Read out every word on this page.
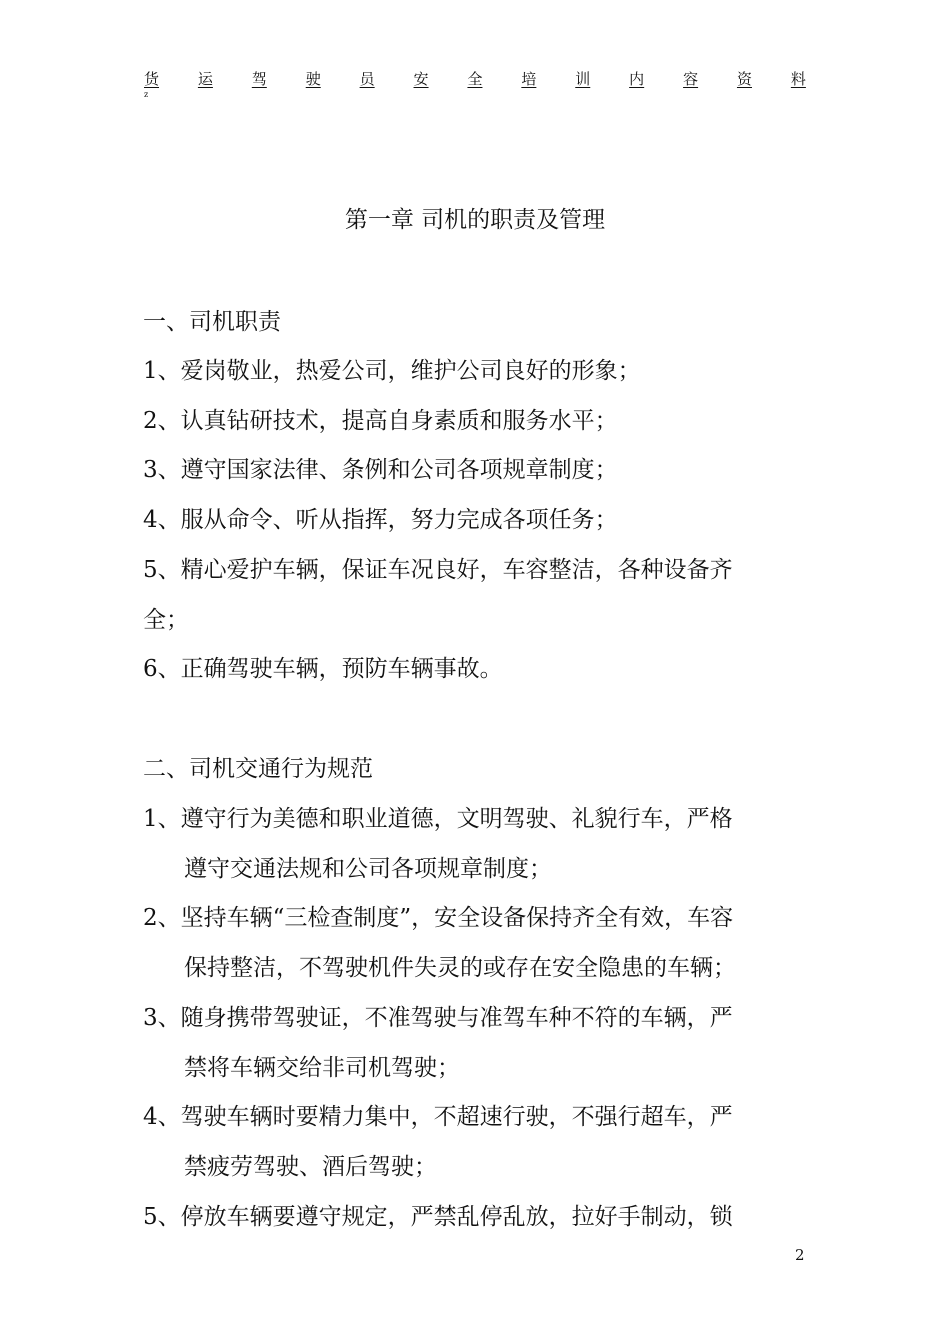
货	运	驾	驶	员	安	全	培	训	内	容	资	料
z
第一章 司机的职责及管理
一、司机职责
1、爱岗敬业，热爱公司，维护公司良好的形象；
2、认真钻研技术，提高自身素质和服务水平；
3、遵守国家法律、条例和公司各项规章制度；
4、服从命令、听从指挥，努力完成各项任务；
5、精心爱护车辆，保证车况良好，车容整洁，各种设备齐
全；
6、正确驾驶车辆，预防车辆事故。
二、司机交通行为规范
1、遵守行为美德和职业道德，文明驾驶、礼貌行车，严格
遵守交通法规和公司各项规章制度；
2、坚持车辆“三检查制度”，安全设备保持齐全有效，车容
保持整洁，不驾驶机件失灵的或存在安全隐患的车辆；
3、随身携带驾驶证，不准驾驶与准驾车种不符的车辆，严
禁将车辆交给非司机驾驶；
4、驾驶车辆时要精力集中，不超速行驶，不强行超车，严
禁疲劳驾驶、酒后驾驶；
5、停放车辆要遵守规定，严禁乱停乱放，拉好手制动，锁
2
